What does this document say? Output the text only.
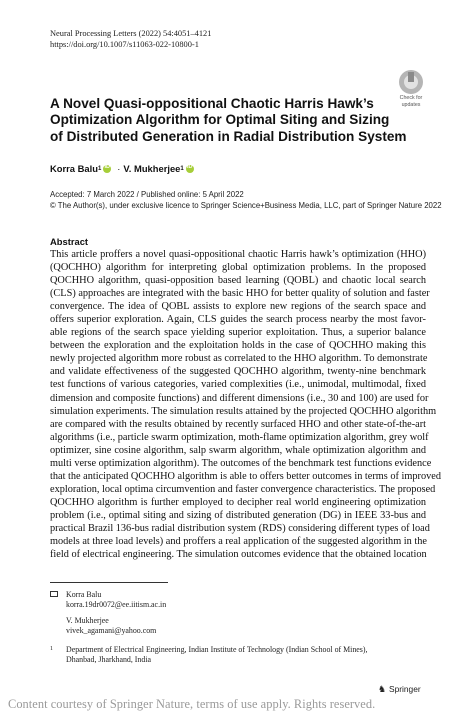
Neural Processing Letters (2022) 54:4051–4121
https://doi.org/10.1007/s11063-022-10800-1
Check for
updates
A Novel Quasi-oppositional Chaotic Harris Hawk’s
Optimization Algorithm for Optimal Siting and Sizing
of Distributed Generation in Radial Distribution System
Korra Balu 1 iD · V. Mukherjee 1 iD
Accepted: 7 March 2022 / Published online: 5 April 2022
© The Author(s), under exclusive licence to Springer Science+Business Media, LLC, part of Springer Nature 2022
Abstract
This article proffers a novel quasi-oppositional chaotic Harris hawk’s optimization (HHO)
(QOCHHO) algorithm for interpreting global optimization problems. In the proposed
QOCHHO algorithm, quasi-opposition based learning (QOBL) and chaotic local search
(CLS) approaches are integrated with the basic HHO for better quality of solution and faster
convergence. The idea of QOBL assists to explore new regions of the search space and
offers superior exploration. Again, CLS guides the search process nearby the most favor-
able regions of the search space yielding superior exploitation. Thus, a superior balance
between the exploration and the exploitation holds in the case of QOCHHO making this
newly projected algorithm more robust as correlated to the HHO algorithm. To demonstrate
and validate effectiveness of the suggested QOCHHO algorithm, twenty-nine benchmark
test functions of various categories, varied complexities (i.e., unimodal, multimodal, fixed
dimension and composite functions) and different dimensions (i.e., 30 and 100) are used for
simulation experiments. The simulation results attained by the projected QOCHHO algorithm
are compared with the results obtained by recently surfaced HHO and other state-of-the-art
algorithms (i.e., particle swarm optimization, moth-flame optimization algorithm, grey wolf
optimizer, sine cosine algorithm, salp swarm algorithm, whale optimization algorithm and
multi verse optimization algorithm). The outcomes of the benchmark test functions evidence
that the anticipated QOCHHO algorithm is able to offers better outcomes in terms of improved
exploration, local optima circumvention and faster convergence characteristics. The proposed
QOCHHO algorithm is further employed to decipher real world engineering optimization
problem (i.e., optimal siting and sizing of distributed generation (DG) in IEEE 33-bus and
practical Brazil 136-bus radial distribution system (RDS) considering different types of load
models at three load levels) and proffers a real application of the suggested algorithm in the
field of electrical engineering. The simulation outcomes evidence that the obtained location
Korra Balu
korra.19dr0072@ee.iitism.ac.in
V. Mukherjee
vivek_agamani@yahoo.com
1 Department of Electrical Engineering, Indian Institute of Technology (Indian School of Mines),
Dhanbad, Jharkhand, India
♞ Springer
Content courtesy of Springer Nature, terms of use apply. Rights reserved.
